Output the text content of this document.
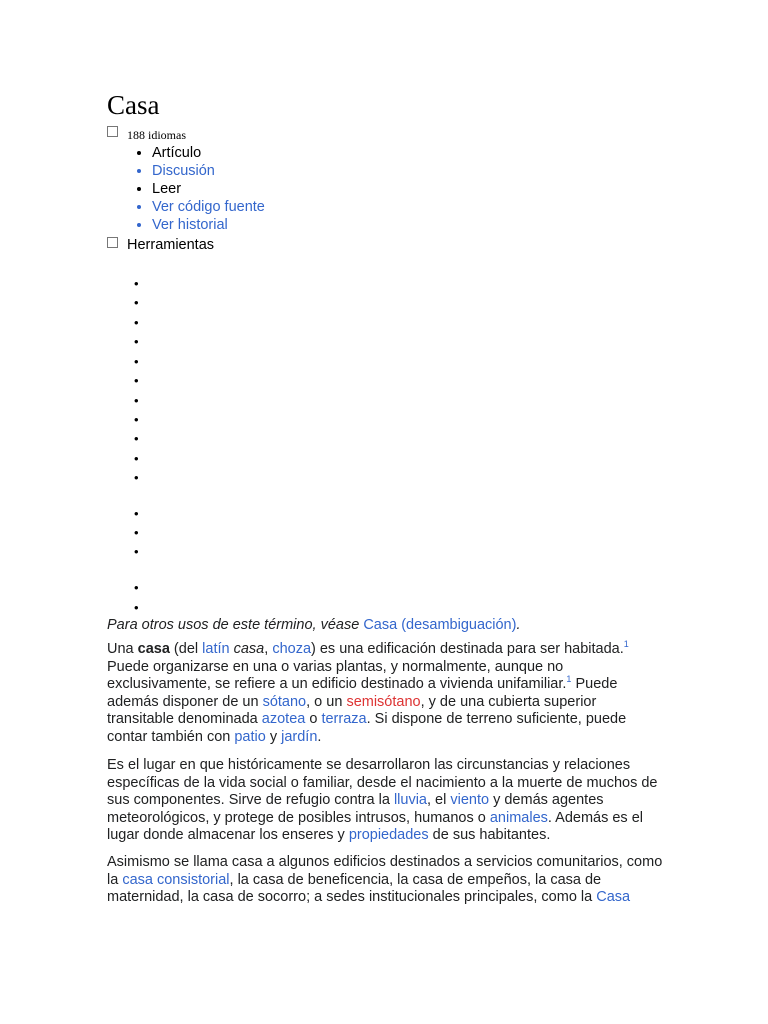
Casa
188 idiomas
• Artículo
• Discusión
• Leer
• Ver código fuente
• Ver historial
Herramientas
•
•
•
•
•
•
•
•
•
•
•
•
•
•
•
•
Para otros usos de este término, véase Casa (desambiguación).

Una casa (del latín casa, choza) es una edificación destinada para ser habitada.$^1$ Puede organizarse en una o varias plantas, y normalmente, aunque no exclusivamente, se refiere a un edificio destinado a vivienda unifamiliar.$^1$ Puede además disponer de un sótano, o un semisótano, y de una cubierta superior transitable denominada azotea o terraza. Si dispone de terreno suficiente, puede contar también con patio y jardín.

Es el lugar en que históricamente se desarrollaron las circunstancias y relaciones específicas de la vida social o familiar, desde el nacimiento a la muerte de muchos de sus componentes. Sirve de refugio contra la lluvia, el viento y demás agentes meteorológicos, y protege de posibles intrusos, humanos o animales. Además es el lugar donde almacenar los enseres y propiedades de sus habitantes.

Asimismo se llama casa a algunos edificios destinados a servicios comunitarios, como la casa consistorial, la casa de beneficencia, la casa de empeños, la casa de maternidad, la casa de socorro; a sedes institucionales principales, como la Casa
